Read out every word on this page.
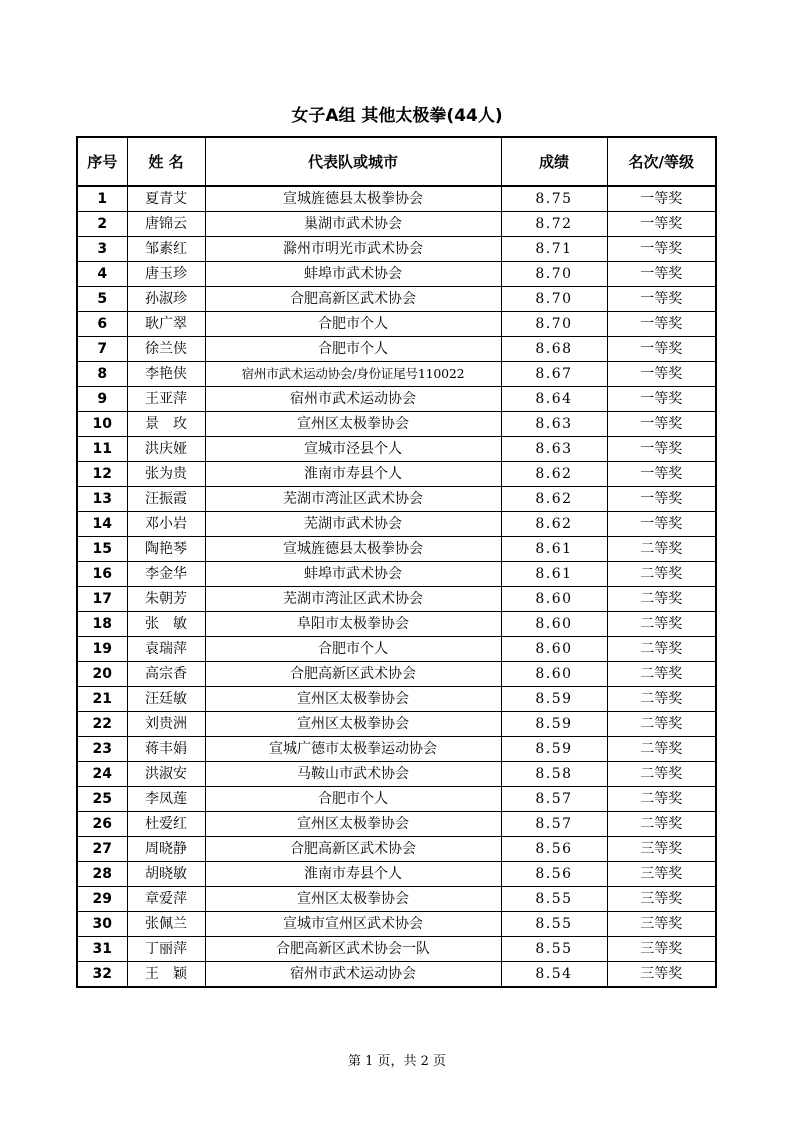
女子A组 其他太极拳(44人)
序号	姓 名	代表队或城市	成绩	名次/等级
1	夏青艾	宣城旌德县太极拳协会	8.75	一等奖
2	唐锦云	巢湖市武术协会	8.72	一等奖
3	邹素红	滁州市明光市武术协会	8.71	一等奖
4	唐玉珍	蚌埠市武术协会	8.70	一等奖
5	孙淑珍	合肥高新区武术协会	8.70	一等奖
6	耿广翠	合肥市个人	8.70	一等奖
7	徐兰侠	合肥市个人	8.68	一等奖
8	李艳侠	宿州市武术运动协会/身份证尾号110022	8.67	一等奖
9	王亚萍	宿州市武术运动协会	8.64	一等奖
10	景　玫	宣州区太极拳协会	8.63	一等奖
11	洪庆娅	宣城市泾县个人	8.63	一等奖
12	张为贵	淮南市寿县个人	8.62	一等奖
13	汪振霞	芜湖市湾沚区武术协会	8.62	一等奖
14	邓小岩	芜湖市武术协会	8.62	一等奖
15	陶艳琴	宣城旌德县太极拳协会	8.61	二等奖
16	李金华	蚌埠市武术协会	8.61	二等奖
17	朱朝芳	芜湖市湾沚区武术协会	8.60	二等奖
18	张　敏	阜阳市太极拳协会	8.60	二等奖
19	袁瑞萍	合肥市个人	8.60	二等奖
20	高宗香	合肥高新区武术协会	8.60	二等奖
21	汪廷敏	宣州区太极拳协会	8.59	二等奖
22	刘贵洲	宣州区太极拳协会	8.59	二等奖
23	蒋丰娟	宣城广德市太极拳运动协会	8.59	二等奖
24	洪淑安	马鞍山市武术协会	8.58	二等奖
25	李凤莲	合肥市个人	8.57	二等奖
26	杜爱红	宣州区太极拳协会	8.57	二等奖
27	周晓静	合肥高新区武术协会	8.56	三等奖
28	胡晓敏	淮南市寿县个人	8.56	三等奖
29	章爱萍	宣州区太极拳协会	8.55	三等奖
30	张佩兰	宣城市宣州区武术协会	8.55	三等奖
31	丁丽萍	合肥高新区武术协会一队	8.55	三等奖
32	王　颖	宿州市武术运动协会	8.54	三等奖
第 1 页，共 2 页
